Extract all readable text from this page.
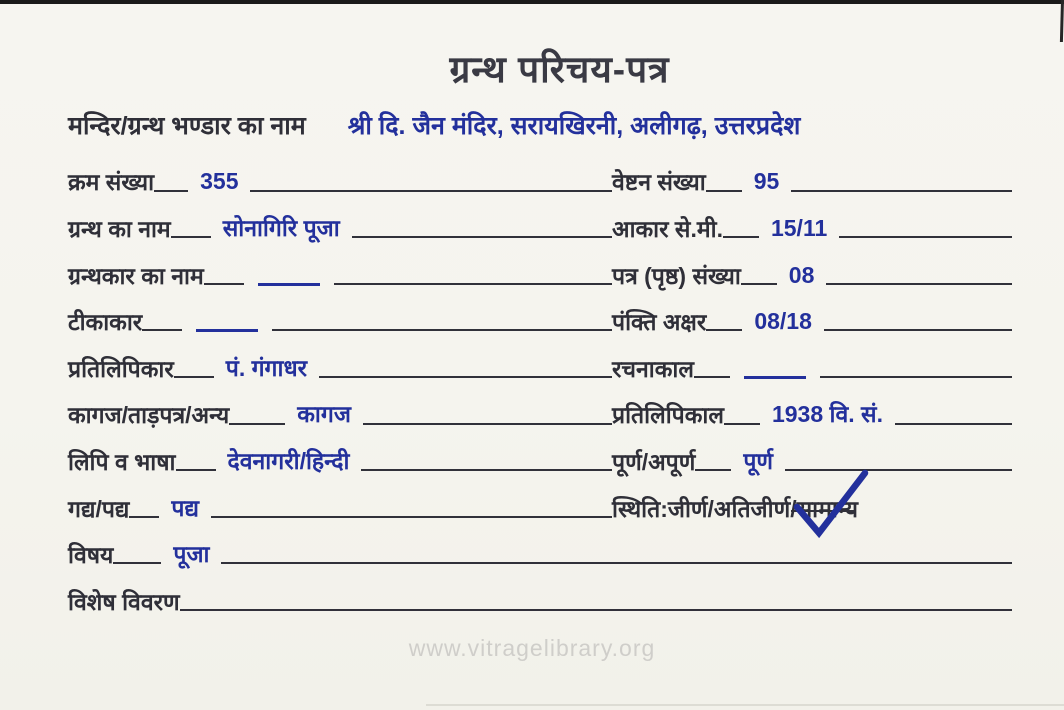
ग्रन्थ परिचय-पत्र
मन्दिर/ग्रन्थ भण्डार का नाम श्री दि. जैन मंदिर, सरायखिरनी, अलीगढ़, उत्तरप्रदेश
क्रम संख्या 355	वेष्टन संख्या 95
ग्रन्थ का नाम सोनागिरि पूजा	आकार से.मी. 15/11
ग्रन्थकार का नाम	पत्र (पृष्ठ) संख्या 08
टीकाकार	पंक्ति अक्षर 08/18
प्रतिलिपिकार पं. गंगाधर	रचनाकाल
कागज/ताड़पत्र/अन्य	कागज	प्रतिलिपिकाल 1938 वि. सं.
लिपि व भाषा देवनागरी/हिन्दी	पूर्ण/अपूर्ण पूर्ण
गद्य/पद्य पद्य	स्थिति: जीर्ण / अतिजीर्ण / सामान्य
विषय	पूजा
विशेष विवरण
www.vitragelibrary.org
